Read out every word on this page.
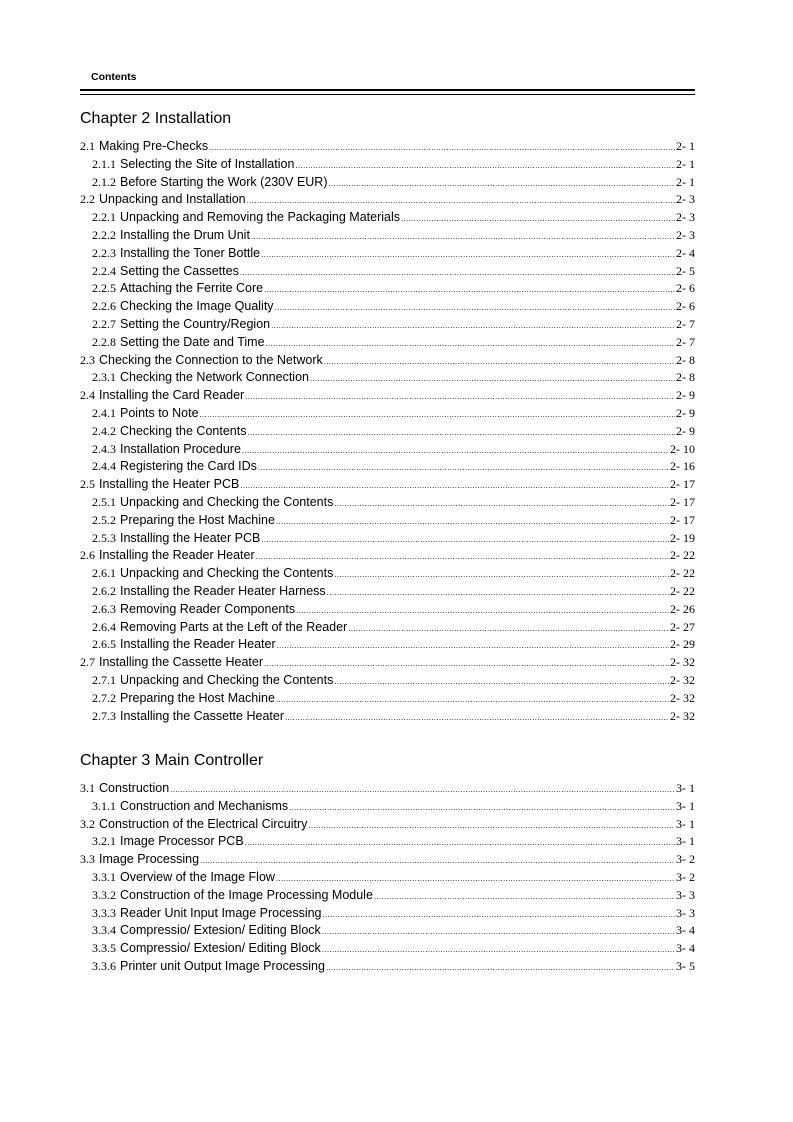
Contents
Chapter 2 Installation
2.1 Making Pre-Checks .....	2- 1
2.1.1 Selecting the Site of Installation .....	2- 1
2.1.2 Before Starting the Work (230V EUR) .....	2- 1
2.2 Unpacking and Installation .....	2- 3
2.2.1 Unpacking and Removing the Packaging Materials .....	2- 3
2.2.2 Installing the Drum Unit .....	2- 3
2.2.3 Installing the Toner Bottle .....	2- 4
2.2.4 Setting the Cassettes .....	2- 5
2.2.5 Attaching the Ferrite Core .....	2- 6
2.2.6 Checking the Image Quality .....	2- 6
2.2.7 Setting the Country/Region .....	2- 7
2.2.8 Setting the Date and Time .....	2- 7
2.3 Checking the Connection to the Network .....	2- 8
2.3.1 Checking the Network Connection .....	2- 8
2.4 Installing the Card Reader .....	2- 9
2.4.1 Points to Note .....	2- 9
2.4.2 Checking the Contents .....	2- 9
2.4.3 Installation Procedure .....	2- 10
2.4.4 Registering the Card IDs .....	2- 16
2.5 Installing the Heater PCB .....	2- 17
2.5.1 Unpacking and Checking the Contents .....	2- 17
2.5.2 Preparing the Host Machine .....	2- 17
2.5.3 Installing the Heater PCB .....	2- 19
2.6 Installing the Reader Heater .....	2- 22
2.6.1 Unpacking and Checking the Contents .....	2- 22
2.6.2 Installing the Reader Heater Harness .....	2- 22
2.6.3 Removing Reader Components .....	2- 26
2.6.4 Removing Parts at the Left of the Reader .....	2- 27
2.6.5 Installing the Reader Heater .....	2- 29
2.7 Installing the Cassette Heater .....	2- 32
2.7.1 Unpacking and Checking the Contents .....	2- 32
2.7.2 Preparing the Host Machine .....	2- 32
2.7.3 Installing the Cassette Heater .....	2- 32
Chapter 3 Main Controller
3.1 Construction .....	3- 1
3.1.1 Construction and Mechanisms .....	3- 1
3.2 Construction of the Electrical Circuitry .....	3- 1
3.2.1 Image Processor PCB .....	3- 1
3.3 Image Processing .....	3- 2
3.3.1 Overview of the Image Flow .....	3- 2
3.3.2 Construction of the Image Processing Module .....	3- 3
3.3.3 Reader Unit Input Image Processing .....	3- 3
3.3.4 Compressio/ Extesion/ Editing Block .....	3- 4
3.3.5 Compressio/ Extesion/ Editing Block .....	3- 4
3.3.6 Printer unit Output Image Processing .....	3- 5
